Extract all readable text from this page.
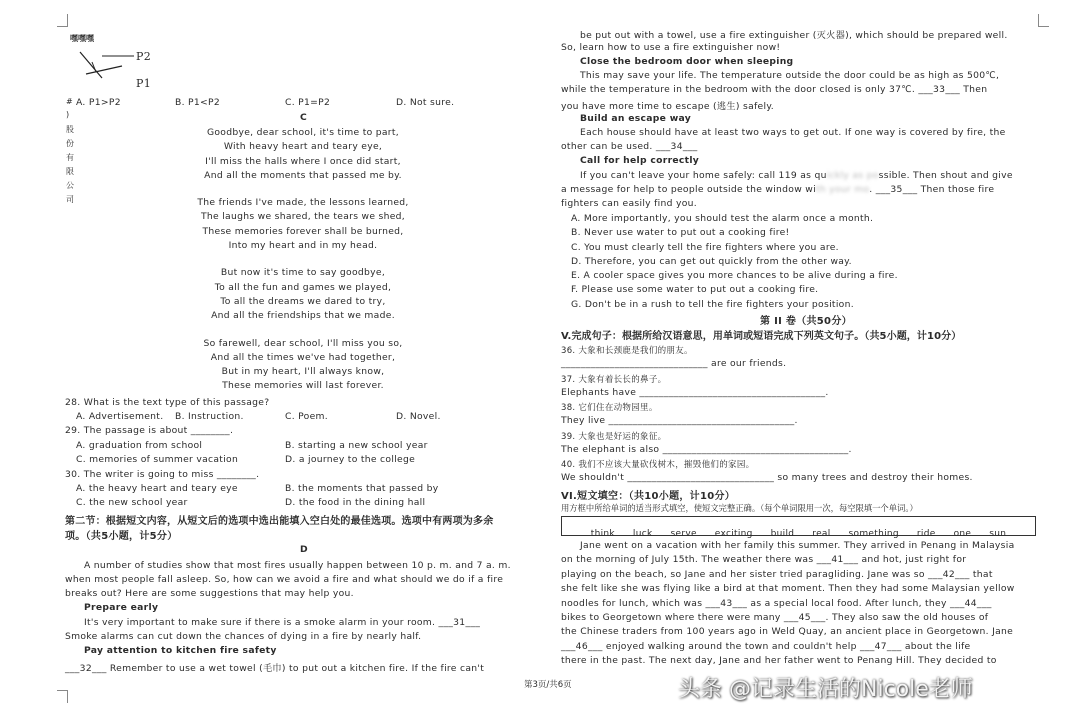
嘿嘿嘿
P2
P1
#
)
股
份
有
限
公
司
A. P1>P2	B. P1<P2	C. P1=P2	D. Not sure.
C
Goodbye, dear school, it's time to part,
With heavy heart and teary eye,
I'll miss the halls where I once did start,
And all the moments that passed me by.
The friends I've made, the lessons learned,
The laughs we shared, the tears we shed,
These memories forever shall be burned,
Into my heart and in my head.
But now it's time to say goodbye,
To all the fun and games we played,
To all the dreams we dared to try,
And all the friendships that we made.
So farewell, dear school, I'll miss you so,
And all the times we've had together,
But in my heart, I'll always know,
These memories will last forever.
28. What is the text type of this passage?
A. Advertisement. B. Instruction.	C. Poem.	D. Novel.
29. The passage is about ________.
A. graduation from school	B. starting a new school year
C. memories of summer vacation	D. a journey to the college
30. The writer is going to miss ________.
A. the heavy heart and teary eye	B. the moments that passed by
C. the new school year	D. the food in the dining hall
第二节：根据短文内容，从短文后的选项中选出能填入空白处的最佳选项。选项中有两项为多余
项。（共5小题，计5分）
D
A number of studies show that most fires usually happen between 10 p. m. and 7 a. m.
when most people fall asleep. So, how can we avoid a fire and what should we do if a fire
breaks out? Here are some suggestions that may help you.
Prepare early
It's very important to make sure if there is a smoke alarm in your room. ___31___
Smoke alarms can cut down the chances of dying in a fire by nearly half.
Pay attention to kitchen fire safety
___32___ Remember to use a wet towel (毛巾) to put out a kitchen fire. If the fire can't
be put out with a towel, use a fire extinguisher (灭火器), which should be prepared well.
So, learn how to use a fire extinguisher now!
Close the bedroom door when sleeping
This may save your life. The temperature outside the door could be as high as 500℃,
while the temperature in the bedroom with the door closed is only 37℃. ___33___ Then
you have more time to escape (逃生) safely.
Build an escape way
Each house should have at least two ways to get out. If one way is covered by fire, the
other can be used. ___34___
Call for help correctly
If you can't leave your home safely: call 119 as quickly as possible. Then shout and give
a message for help to people outside the window with your mo. ___35___ Then those fire
fighters can easily find you.
A. More importantly, you should test the alarm once a month.
B. Never use water to put out a cooking fire!
C. You must clearly tell the fire fighters where you are.
D. Therefore, you can get out quickly from the other way.
E. A cooler space gives you more chances to be alive during a fire.
F. Please use some water to put out a cooking fire.
G. Don't be in a rush to tell the fire fighters your position.
第 II 卷（共50分）
V.完成句子：根据所给汉语意思，用单词或短语完成下列英文句子。（共5小题，计10分）
36. 大象和长颈鹿是我们的朋友。
______________________________ are our friends.
37. 大象有着长长的鼻子。
Elephants have ______________________________________.
38. 它们住在动物园里。
They live ______________________________________.
39. 大象也是好运的象征。
The elephant is also ______________________________________.
40. 我们不应该大量砍伐树木，摧毁他们的家园。
We shouldn't ______________________________ so many trees and destroy their homes.
VI.短文填空：（共10小题，计10分）
用方框中所给单词的适当形式填空，使短文完整正确。（每个单词限用一次，每空限填一个单词。）
think luck serve exciting build real something ride one sun
Jane went on a vacation with her family this summer. They arrived in Penang in Malaysia
on the morning of July 15th. The weather there was ___41___ and hot, just right for
playing on the beach, so Jane and her sister tried paragliding. Jane was so ___42___ that
she felt like she was flying like a bird at that moment. Then they had some Malaysian yellow
noodles for lunch, which was ___43___ as a special local food. After lunch, they ___44___
bikes to Georgetown where there were many ___45___. They also saw the old houses of
the Chinese traders from 100 years ago in Weld Quay, an ancient place in Georgetown. Jane
___46___ enjoyed walking around the town and couldn't help ___47___ about the life
there in the past. The next day, Jane and her father went to Penang Hill. They decided to
第3页/共6页	头条 @记录生活的Nicole老师
